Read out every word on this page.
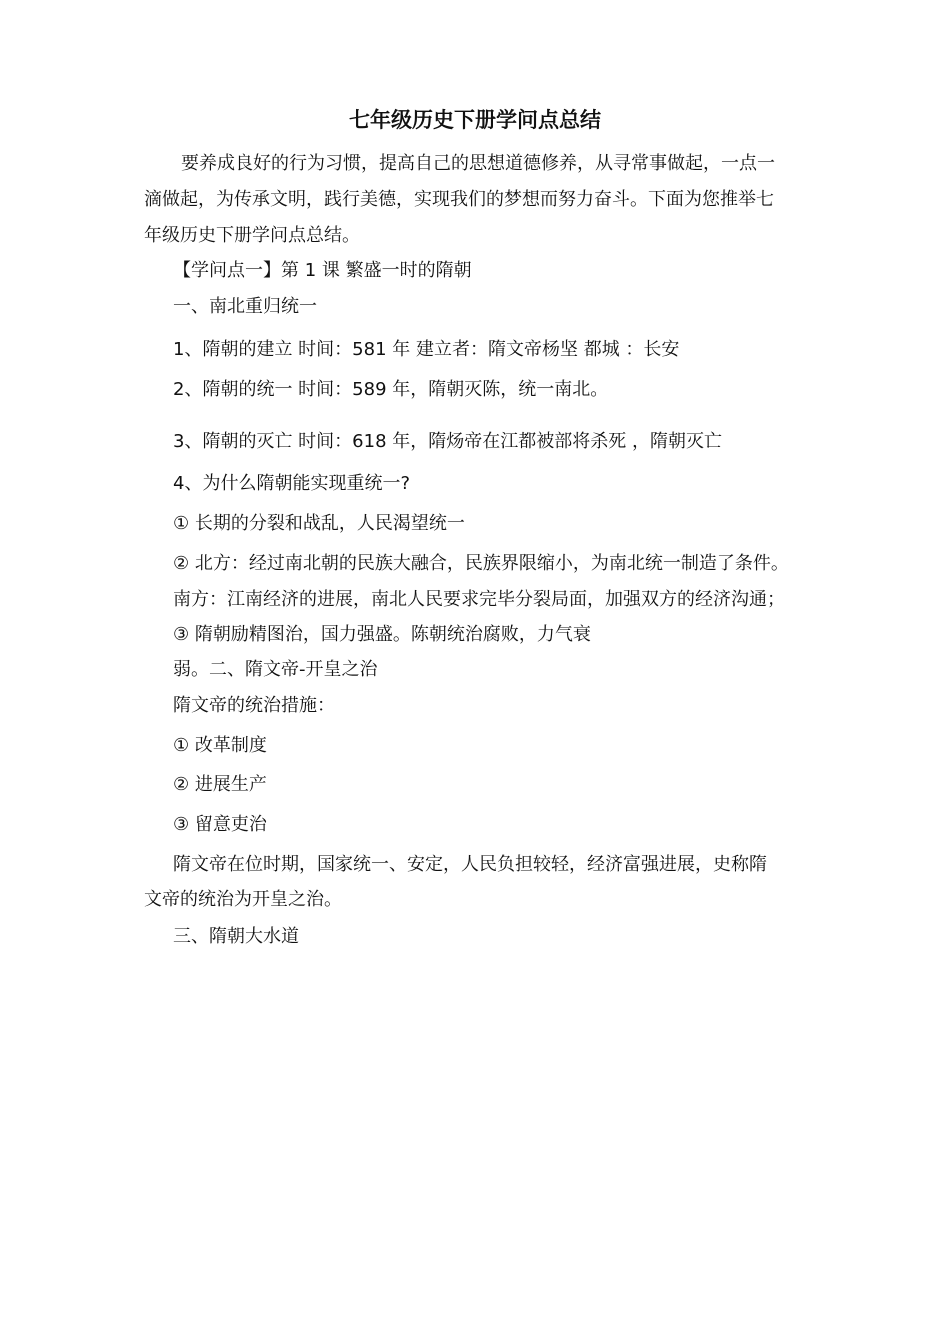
七年级历史下册学问点总结
要养成良好的行为习惯，提高自己的思想道德修养，从寻常事做起，一点一
滴做起，为传承文明，践行美德，实现我们的梦想而努力奋斗。下面为您推举七
年级历史下册学问点总结。
【学问点一】第 1 课 繁盛一时的隋朝
一、南北重归统一
1、隋朝的建立 时间：581 年 建立者：隋文帝杨坚 都城 ：长安
2、隋朝的统一 时间：589 年，隋朝灭陈，统一南北。
3、隋朝的灭亡 时间：618 年，隋炀帝在江都被部将杀死 ，隋朝灭亡
4、为什么隋朝能实现重统一?
① 长期的分裂和战乱，人民渴望统一
② 北方：经过南北朝的民族大融合，民族界限缩小，为南北统一制造了条件。
南方：江南经济的进展，南北人民要求完毕分裂局面，加强双方的经济沟通；
③ 隋朝励精图治，国力强盛。陈朝统治腐败，力气衰
弱。二、隋文帝-开皇之治
隋文帝的统治措施：
① 改革制度
② 进展生产
③ 留意吏治
隋文帝在位时期，国家统一、安定，人民负担较轻，经济富强进展，史称隋
文帝的统治为开皇之治。
三、隋朝大水道
